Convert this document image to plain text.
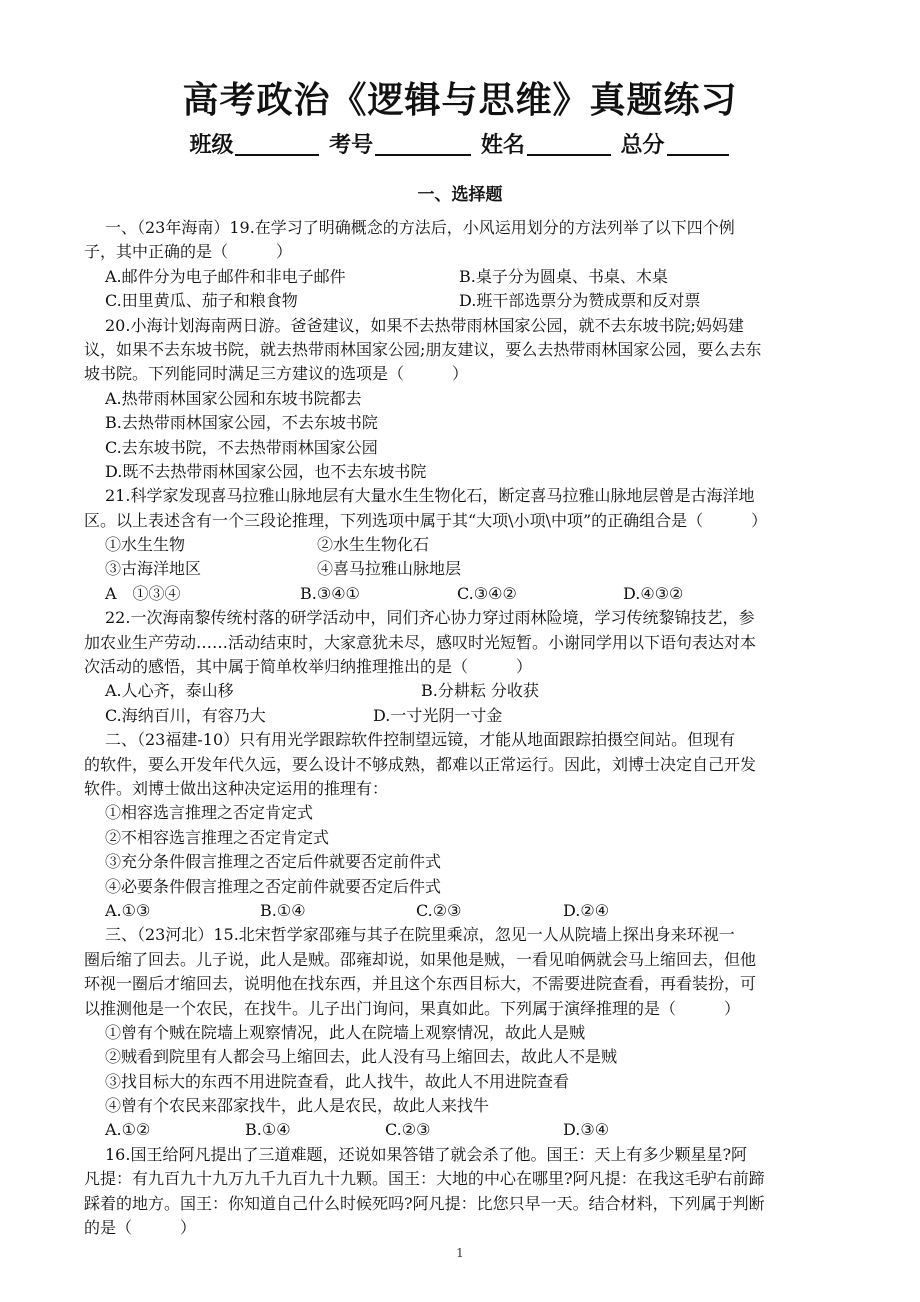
高考政治《逻辑与思维》真题练习
班级	考号	姓名	总分
一、选择题
一、（23年海南）19.在学习了明确概念的方法后，小风运用划分的方法列举了以下四个例
子，其中正确的是（　　　）
A.邮件分为电子邮件和非电子邮件	B.桌子分为圆桌、书桌、木桌
C.田里黄瓜、茄子和粮食物	D.班干部选票分为赞成票和反对票
20.小海计划海南两日游。爸爸建议，如果不去热带雨林国家公园，就不去东坡书院;妈妈建
议，如果不去东坡书院，就去热带雨林国家公园;朋友建议，要么去热带雨林国家公园，要么去东
坡书院。下列能同时满足三方建议的选项是（　　　）
A.热带雨林国家公园和东坡书院都去
B.去热带雨林国家公园，不去东坡书院
C.去东坡书院，不去热带雨林国家公园
D.既不去热带雨林国家公园，也不去东坡书院
21.科学家发现喜马拉雅山脉地层有大量水生生物化石，断定喜马拉雅山脉地层曾是古海洋地
区。以上表述含有一个三段论推理，下列选项中属于其“大项\小项\中项”的正确组合是（　　　）
①水生生物	②水生生物化石
③古海洋地区	④喜马拉雅山脉地层
A　①③④	B.③④①	C.③④②	D.④③②
22.一次海南黎传统村落的研学活动中，同们齐心协力穿过雨林险境，学习传统黎锦技艺，参
加农业生产劳动……活动结束时，大家意犹未尽，感叹时光短暂。小谢同学用以下语句表达对本
次活动的感悟，其中属于简单枚举归纳推理推出的是（　　　）
A.人心齐，泰山移	B.分耕耘 分收获
C.海纳百川，有容乃大	D.一寸光阴一寸金
二、（23福建-10）只有用光学跟踪软件控制望远镜，才能从地面跟踪拍摄空间站。但现有
的软件，要么开发年代久远，要么设计不够成熟，都难以正常运行。因此，刘博士决定自己开发
软件。刘博士做出这种决定运用的推理有：
①相容选言推理之否定肯定式
②不相容选言推理之否定肯定式
③充分条件假言推理之否定后件就要否定前件式
④必要条件假言推理之否定前件就要否定后件式
A.①③	B.①④	C.②③	D.②④
三、（23河北）15.北宋哲学家邵雍与其子在院里乘凉，忽见一人从院墙上探出身来环视一
圈后缩了回去。儿子说，此人是贼。邵雍却说，如果他是贼，一看见咱俩就会马上缩回去，但他
环视一圈后才缩回去，说明他在找东西，并且这个东西目标大，不需要进院查看，再看装扮，可
以推测他是一个农民，在找牛。儿子出门询问，果真如此。下列属于演绎推理的是（　　　）
①曾有个贼在院墙上观察情况，此人在院墙上观察情况，故此人是贼
②贼看到院里有人都会马上缩回去，此人没有马上缩回去，故此人不是贼
③找目标大的东西不用进院查看，此人找牛，故此人不用进院查看
④曾有个农民来邵家找牛，此人是农民，故此人来找牛
A.①②	B.①④	C.②③	D.③④
16.国王给阿凡提出了三道难题，还说如果答错了就会杀了他。国王：天上有多少颗星星?阿
凡提：有九百九十九万九千九百九十九颗。国王：大地的中心在哪里?阿凡提：在我这毛驴右前蹄
踩着的地方。国王：你知道自己什么时候死吗?阿凡提：比您只早一天。结合材料，下列属于判断
的是（　　　）
1
